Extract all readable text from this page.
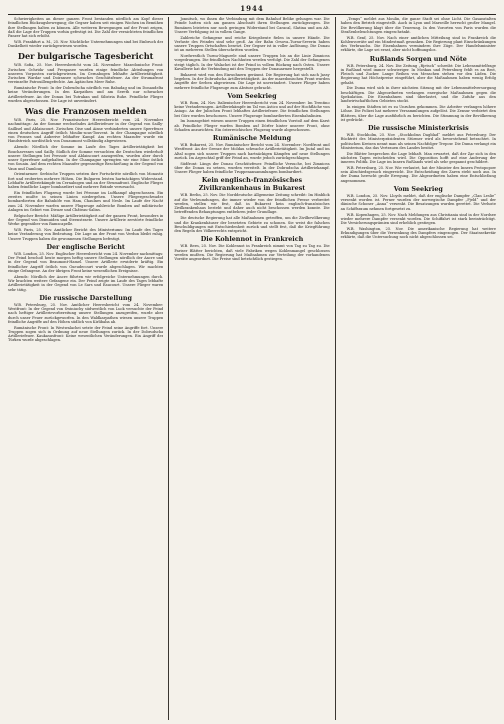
1944

Schwierigkeiten an dieser ganzen Front bestanden nördlich am Kopf dieser feindlichen Rückzugsbewegung; die Gegner haben seit einigen Wochen im Bemühen ihre Stellungen halten zu können. Alle weiteren Bewegungen auf der Front zeigen, daß die Lage der Truppen vorhin gefestigt ist. Die Zahl der vernichteten feindlichen Panzer hat sich erhöht.

W.B. Frankfurt a. M., 25. Nov. Nächtliche Unternehmungen sind bei Einbruch der Dunkelheit wieder zurückgewiesen worden.

Der bulgarische Tagesbericht

W.B. Sofia, 25. Nov. Heeresbericht vom 24. November: Mazedonische Front: Zwischen Ochrida- und Prespasee wurden einige feindliche Abteilungen von unseren Vorposten zurückgewiesen. Im Cernabogen lebhafte Artillerietätigkeit. Zwischen Wardar und Doiransee schwaches Geschützfeuer. An der Strumafront vereinzelte Patrouillengefechte. Am Ägäischen Meer Ruhe.

Rumänische Front: In der Dobrudscha nördlich von Babadag und im Donaudelta keine Veränderungen. In den Karpathen und am Sereth nur schwaches Artilleriefeuer. An der Donau bei Tutrakan und Silistria Ruhe. Feindliche Flieger wurden abgeschossen. Die Lage ist unverändert.

Was die Franzosen melden

W.B. Paris, 25. Nov. Französischer Heeresbericht vom 24. November nachmittags: An der Somme wechselndes Artilleriefeuer in der Gegend von Sailly-Saillisel und Ablaincourt. Zwischen Oise und Aisne verhinderten unsere Sperrfeuer einen deutschen Angriff östlich Moulin-sous-Touvent. In der Champagne nördlich von Prosnes und Auberive lebhafter Kampf. Am rechten Maasufer wurde ein Handstreich nordöstlich von Douaumont vollständig abgewiesen.

Abends: Nördlich der Somme im Laufe des Tages Artillerietätigkeit bei Bouchavesnes und Sailly. Südlich der Somme versuchten die Deutschen wiederholt unsere Stellungen bei Pressoir und Ablaincourt anzugreifen, wurden aber durch unser Sperrfeuer aufgehalten. In der Champagne sprengten wir eine Mine östlich von Souain. Auf dem rechten Maasufer gegenseitige Beschießung in der Gegend von Vaux und Damloup.

Orientarmee: Serbische Truppen setzten ihre Fortschritte nördlich von Monastir fort und eroberten mehrere Höhen. Die Bulgaren leisten hartnäckigen Widerstand. Lebhafte Artilleriekämpfe im Cernabogen und an der Strumafront. Englische Flieger haben feindliche Lager bombardiert und mehrere Brände verursacht.

Ein feindliches Flugzeug wurde bei Péronne im Luftkampf abgeschossen. Ein zweites mußte in seinen Linien niedergehen. Unsere Fliegergeschwader bombardierten die Bahnhöfe von Ham, Chaulnes und Nesle. Im Laufe der Nacht zum 24. November warfen unsere Flugzeuge zahlreiche Bomben auf militärische Anlagen im Gebiet von Dieuze und Château-Salins.

Belgischer Bericht: Mäßige Artillerietätigkeit auf der ganzen Front, besonders in der Gegend von Dixmuiden und Steenstraete. Unsere Artillerie zerstörte feindliche Werke gegenüber von Ramscapelle.

W.B. Paris, 25. Nov. Amtlicher Bericht des Ministeriums: Im Laufe des Tages keine Veränderung von Bedeutung. Die Lage an der Front von Verdun bleibt ruhig. Unsere Truppen haben die gewonnenen Stellungen befestigt.

Der englische Bericht

W.B. London, 25. Nov. Englischer Heeresbericht vom 24. November nachmittags: Der Feind beschoß heute morgen heftig unsere Stellungen nördlich der Ancre und in der Gegend von Beaumont-Hamel. Unsere Artillerie erwiderte kräftig. Ein feindlicher Angriff östlich von Gueudecourt wurde abgeschlagen. Wir machten einige Gefangene. An der übrigen Front keine wesentlichen Ereignisse.

Abends: Nördlich der Ancre führten wir erfolgreiche Unternehmungen durch. Wir brachten weitere Gefangene ein. Der Feind zeigte im Laufe des Tages lebhafte Artillerietätigkeit in der Gegend von Le Sars und Eaucourt. Unsere Flieger waren sehr tätig.

Die russische Darstellung

W.B. Petersburg, 25. Nov. Amtlicher Heeresbericht vom 24. November: Westfront: In der Gegend von Swiniuchy südwestlich von Luck versuchte der Feind nach heftiger Artillerievorbereitung unsere Stellungen anzugreifen, wurde aber durch unser Feuer zurückgeworfen. In den Waldkarpathen wiesen unsere Truppen feindliche Angriffe auf den Höhen südlich von Kirlibaba ab.

Rumänische Front: In Westwalachei setzte der Feind seine Angriffe fort. Unsere Truppen zogen sich in Ordnung auf neue Stellungen zurück. In der Dobrudscha Artilleriefeuer. Kaukasusfront: Keine wesentlichen Veränderungen. Ein Angriff der Türken wurde abgeschlagen.

Jonnitsch, wo ihnen die Verbindung mit dem Bahnhof Belike gelungen war. Die Feinde hatten sich am ganzen Abschnitt ihren Stellungen zurückgezogen. Die Rumänen leisteten nur noch geringen Widerstand bei Caracal, Slatina und am Alt. Unsere Verfolgung ist in vollem Gange.

Zahlreiche Gefangene und reiche Kriegsbeute fielen in unsere Hände. Die Verluste des Feindes sind sehr groß. An der Bahn Orsova–Turnu-Severin haben unsere Truppen Ortschaften besetzt. Der Gegner ist in voller Auflösung. Die Donau ist an mehreren Stellen überschritten worden.

Nordwestlich Turnu-Magurele sind unsere Truppen bis an die Linie Zimnicea vorgedrungen. Die feindlichen Nachhuten werden verfolgt. Die Zahl der Gefangenen steigt täglich. In der Walachei ist der Feind in vollem Rückzug nach Osten. Unsere Kavallerie hat die Verbindung mit den Truppen der Donauarmee hergestellt.

Bukarest wird von den Einwohnern geräumt. Die Regierung hat sich nach Jassy begeben. In der Dobrudscha Artillerietätigkeit. An der mazedonischen Front wurden Angriffe der Serben abgewiesen. Die Lage ist unverändert. Unsere Flieger haben mehrere feindliche Flugzeuge zum Absturz gebracht.

Vom Seekrieg

W.B. Rom, 24. Nov. Italienischer Heeresbericht vom 24. November: Im Trentino keine Veränderungen. Artilleriekämpfe im Tal von Astico und auf der Hochfläche von Asiago. An der Julischen Front lebhaftes Artilleriefeuer. Die feindlichen Stellungen bei Görz wurden beschossen. Unsere Flugzeuge bombardierten Eisenbahnlinien.

Im Isonzogebiet wiesen unsere Truppen einen feindlichen Vorstoß auf dem Karst ab. Feindliche Flieger warfen Bomben auf Dörfer hinter unserer Front, ohne Schaden anzurichten. Ein österreichisches Flugzeug wurde abgeschossen.

Rumänische Meldung

W.B. Bukarest, 25. Nov. Rumänischer Bericht vom 24. November: Nordfront und Westfront: An der Grenze der Moldau schwache Artillerietätigkeit. Im Jiutal und im Altal zogen sich unsere Truppen nach hartnäckigen Kämpfen auf neue Stellungen zurück. Im Argeschtal griff der Feind an, wurde jedoch zurückgeschlagen.

Südfront: Längs der Donau Geschützfeuer. Feindliche Versuche, bei Zimnicea über die Donau zu setzen, wurden vereitelt. In der Dobrudscha Artilleriekampf. Unsere Flieger haben feindliche Truppenansammlungen bombardiert.

Kein englisch-französisches Zivilkrankenhaus in Bukarest

W.B. Berlin, 25. Nov. Die Norddeutsche Allgemeine Zeitung schreibt: Im Hinblick auf die Verleumdungen, die immer wieder von der feindlichen Presse verbreitet werden, stellen wir fest, daß in Bukarest kein englisch-französisches Zivilkrankenhaus besteht und daher auch nicht beschossen werden konnte. Die betreffenden Behauptungen entbehren jeder Grundlage.

Die deutsche Regierung hat alle Maßnahmen getroffen, um die Zivilbevölkerung und die Krankenhäuser der besetzten Gebiete zu schonen. Sie weist die falschen Beschuldigungen mit Entschiedenheit zurück und stellt fest, daß die Kriegführung den Regeln des Völkerrechts entspricht.

Die Kohlennot in Frankreich

W.B. Bern, 25. Nov. Die Kohlennot in Frankreich nimmt von Tag zu Tag zu. Die Pariser Blätter berichten, daß viele Fabriken wegen Kohlenmangel geschlossen werden mußten. Die Regierung hat Maßnahmen zur Verteilung der vorhandenen Vorräte angeordnet. Die Preise sind beträchtlich gestiegen.

„Temps“ meldet aus Moulin, die ganze Stadt sei ohne Licht. Die Gasanstalten haben den Betrieb eingestellt. Auch in Lyon und Marseille herrscht großer Mangel. Die Bevölkerung klagt über die Teuerung. In den Vororten von Paris wurden die Straßenbeleuchtungen eingeschränkt.

W.B. Genf, 25. Nov. Nach einer amtlichen Mitteilung sind in Frankreich die Kohlenvorräte auf ein Mindestmaß gesunken. Die Regierung plant Einschränkungen des Verbrauchs. Die Eisenbahnen vermindern ihre Züge. Der Handelsminister erklärte, die Lage sei ernst, aber nicht hoffnungslos.

Rußlands Sorgen und Nöte

W.B. Petersburg, 24. Nov. Die Zeitung „Rjetsch“ schreibt: Die Lebensmittelfrage in Rußland wird immer schwieriger. In Moskau und Petersburg fehlt es an Brot, Fleisch und Zucker. Lange Reihen von Menschen stehen vor den Läden. Die Regierung hat Höchstpreise eingeführt, aber die Maßnahmen haben wenig Erfolg gehabt.

Die Duma wird sich in ihrer nächsten Sitzung mit der Lebensmittelversorgung beschäftigen. Die Abgeordneten verlangen energische Maßnahmen gegen die Spekulation. Die Eisenbahnen sind überlastet, und die Zufuhr aus den landwirtschaftlichen Gebieten stockt.

In einigen Städten ist es zu Unruhen gekommen. Die Arbeiter verlangen höhere Löhne. Die Polizei hat mehrere Versammlungen aufgelöst. Die Zensur verbietet den Blättern, über die Lage ausführlich zu berichten. Die Stimmung in der Bevölkerung ist gedrückt.

Die russische Ministerkrisis

W.B. Stockholm, 25. Nov. „Stockholms Dagblad“ meldet aus Petersburg: Der Rücktritt des Ministerpräsidenten Stürmer wird als bevorstehend betrachtet. In politischen Kreisen nennt man als seinen Nachfolger Trepow. Die Duma verlangt ein Ministerium, das das Vertrauen des Landes besitzt.

Die Blätter besprechen die Lage lebhaft. Man erwartet, daß der Zar sich in den nächsten Tagen entscheiden wird. Die Opposition hofft auf eine Änderung der inneren Politik. Die Lage im Innern Rußlands wird als sehr gespannt geschildert.

W.B. Petersburg, 25. Nov. Wie verlautet, hat der Minister des Innern Protopopow sein Abschiedsgesuch eingereicht. Die Entscheidung des Zaren steht noch aus. In der Duma herrscht große Erregung. Die Abgeordneten haben eine Entschließung angenommen.

Vom Seekrieg

W.B. London, 25. Nov. Lloyds meldet, daß der englische Dampfer „Clan Leslie“ versenkt worden ist. Ferner wurden der norwegische Dampfer „Fjeld“ und der dänische Schoner „Anna“ versenkt. Die Besatzungen wurden gerettet. Die Verluste an Schiffsraum nehmen fortgesetzt zu.

W.B. Kopenhagen, 25. Nov. Nach Meldungen aus Christiania sind in der Nordsee wieder mehrere Dampfer versenkt worden. Die Schiffahrt ist stark beeinträchtigt. Die Versicherungsprämien sind erheblich gestiegen.

W.B. Washington, 25. Nov. Die amerikanische Regierung hat weitere Erkundigungen über die Versenkung des Dampfers eingezogen. Der Staatssekretär erklärte, daß die Untersuchung noch nicht abgeschlossen sei.
